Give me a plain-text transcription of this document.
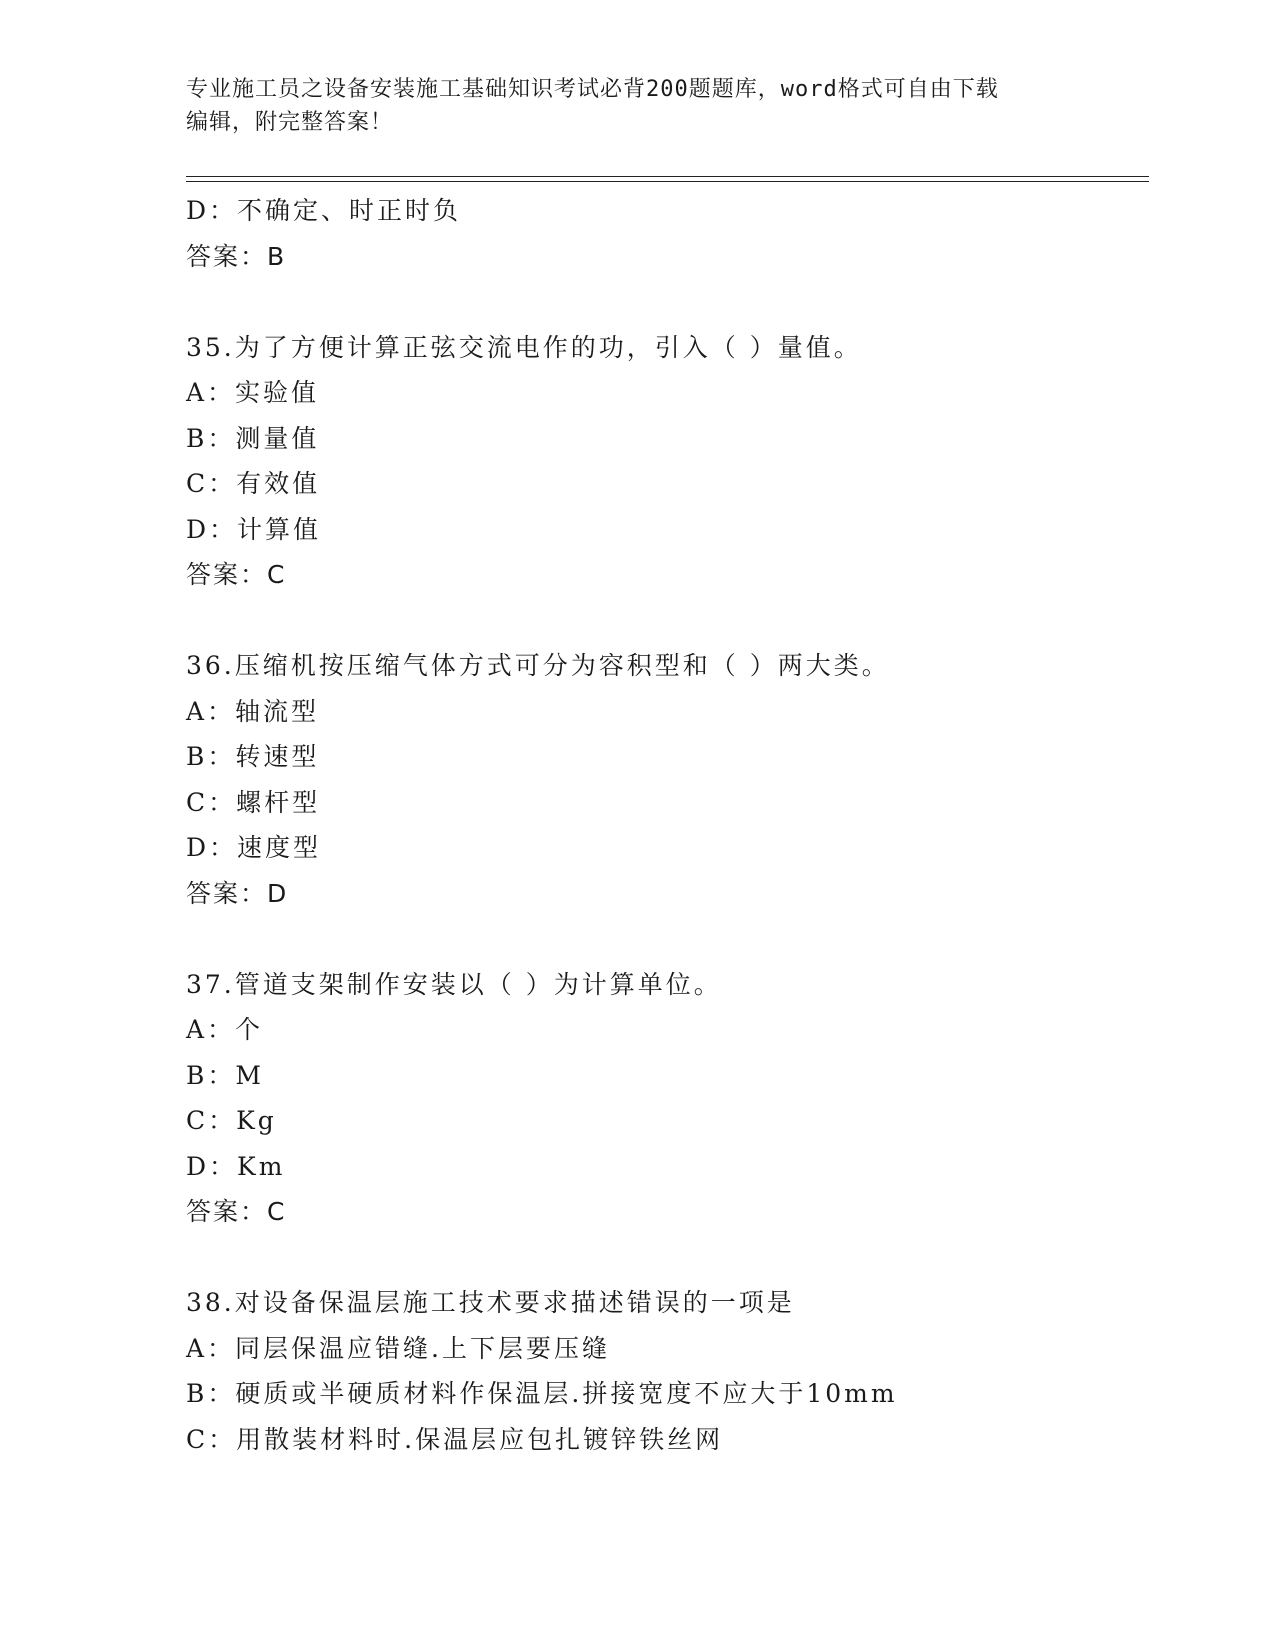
专业施工员之设备安装施工基础知识考试必背200题题库，word格式可自由下载
编辑，附完整答案！
D：不确定、时正时负
答案：B
35.为了方便计算正弦交流电作的功，引入（ ）量值。
A：实验值
B：测量值
C：有效值
D：计算值
答案：C
36.压缩机按压缩气体方式可分为容积型和（ ）两大类。
A：轴流型
B：转速型
C：螺杆型
D：速度型
答案：D
37.管道支架制作安装以（ ）为计算单位。
A：个
B：M
C：Kg
D：Km
答案：C
38.对设备保温层施工技术要求描述错误的一项是
A：同层保温应错缝.上下层要压缝
B：硬质或半硬质材料作保温层.拼接宽度不应大于10mm
C：用散装材料时.保温层应包扎镀锌铁丝网
